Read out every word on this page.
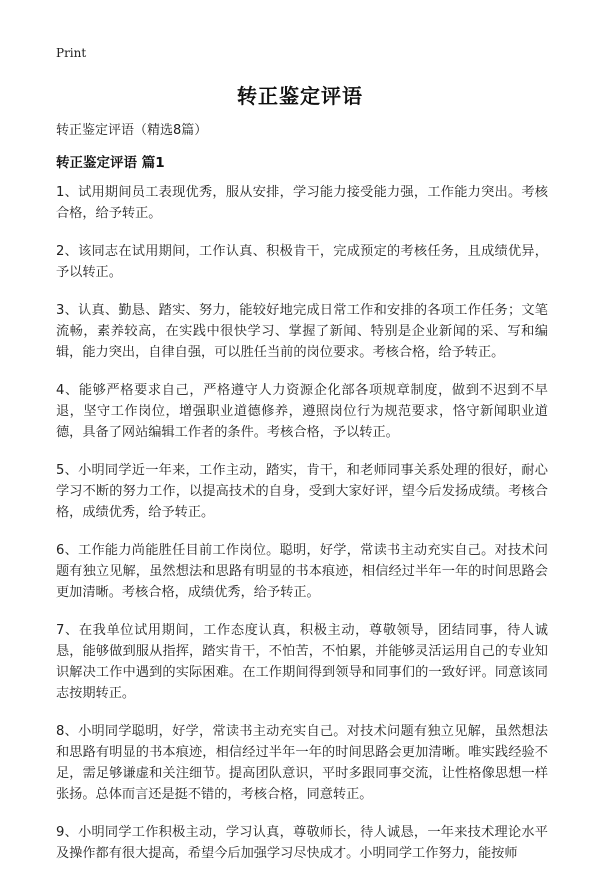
Print
转正鉴定评语
转正鉴定评语（精选8篇）
转正鉴定评语 篇1

1、试用期间员工表现优秀，服从安排，学习能力接受能力强，工作能力突出。考核合格，给予转正。

2、该同志在试用期间，工作认真、积极肯干，完成预定的考核任务，且成绩优异，予以转正。

3、认真、勤恳、踏实、努力，能较好地完成日常工作和安排的各项工作任务；文笔流畅，素养较高，在实践中很快学习、掌握了新闻、特别是企业新闻的采、写和编辑，能力突出，自律自强，可以胜任当前的岗位要求。考核合格，给予转正。

4、能够严格要求自己，严格遵守人力资源企化部各项规章制度，做到不迟到不早退，坚守工作岗位，增强职业道德修养，遵照岗位行为规范要求，恪守新闻职业道德，具备了网站编辑工作者的条件。考核合格，予以转正。

5、小明同学近一年来，工作主动，踏实，肯干，和老师同事关系处理的很好，耐心学习不断的努力工作，以提高技术的自身，受到大家好评，望今后发扬成绩。考核合格，成绩优秀，给予转正。

6、工作能力尚能胜任目前工作岗位。聪明，好学，常读书主动充实自己。对技术问题有独立见解，虽然想法和思路有明显的书本痕迹，相信经过半年一年的时间思路会更加清晰。考核合格，成绩优秀，给予转正。

7、在我单位试用期间，工作态度认真，积极主动，尊敬领导，团结同事，待人诚恳，能够做到服从指挥，踏实肯干，不怕苦，不怕累，并能够灵活运用自己的专业知识解决工作中遇到的实际困难。在工作期间得到领导和同事们的一致好评。同意该同志按期转正。

8、小明同学聪明，好学，常读书主动充实自己。对技术问题有独立见解，虽然想法和思路有明显的书本痕迹，相信经过半年一年的时间思路会更加清晰。唯实践经验不足，需足够谦虚和关注细节。提高团队意识，平时多跟同事交流，让性格像思想一样张扬。总体而言还是挺不错的，考核合格，同意转正。

9、小明同学工作积极主动，学习认真，尊敬师长，待人诚恳，一年来技术理论水平及操作都有很大提高，希望今后加强学习尽快成才。小明同学工作努力，能按师
